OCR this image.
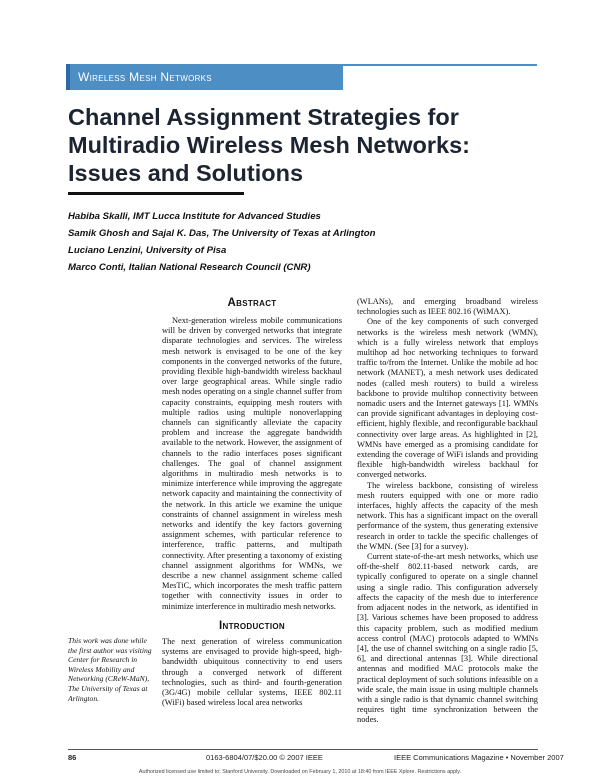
Wireless Mesh Networks
Channel Assignment Strategies for Multiradio Wireless Mesh Networks: Issues and Solutions
Habiba Skalli, IMT Lucca Institute for Advanced Studies
Samik Ghosh and Sajal K. Das, The University of Texas at Arlington
Luciano Lenzini, University of Pisa
Marco Conti, Italian National Research Council (CNR)
Abstract

Next-generation wireless mobile communications will be driven by converged networks that integrate disparate technologies and services. The wireless mesh network is envisaged to be one of the key components in the converged networks of the future, providing flexible high-bandwidth wireless backhaul over large geographical areas. While single radio mesh nodes operating on a single channel suffer from capacity constraints, equipping mesh routers with multiple radios using multiple nonoverlapping channels can significantly alleviate the capacity problem and increase the aggregate bandwidth available to the network. However, the assignment of channels to the radio interfaces poses significant challenges. The goal of channel assignment algorithms in multiradio mesh networks is to minimize interference while improving the aggregate network capacity and maintaining the connectivity of the network. In this article we examine the unique constraints of channel assignment in wireless mesh networks and identify the key factors governing assignment schemes, with particular reference to interference, traffic patterns, and multipath connectivity. After presenting a taxonomy of existing channel assignment algorithms for WMNs, we describe a new channel assignment scheme called MesTiC, which incorporates the mesh traffic pattern together with connectivity issues in order to minimize interference in multiradio mesh networks.

Introduction

The next generation of wireless communication systems are envisaged to provide high-speed, high-bandwidth ubiquitous connectivity to end users through a converged network of different technologies, such as third- and fourth-generation (3G/4G) mobile cellular systems, IEEE 802.11 (WiFi) based wireless local area networks

(WLANs), and emerging broadband wireless technologies such as IEEE 802.16 (WiMAX).

One of the key components of such converged networks is the wireless mesh network (WMN), which is a fully wireless network that employs multihop ad hoc networking techniques to forward traffic to/from the Internet. Unlike the mobile ad hoc network (MANET), a mesh network uses dedicated nodes (called mesh routers) to build a wireless backbone to provide multihop connectivity between nomadic users and the Internet gateways [1]. WMNs can provide significant advantages in deploying cost-efficient, highly flexible, and reconfigurable backhaul connectivity over large areas. As highlighted in [2], WMNs have emerged as a promising candidate for extending the coverage of WiFi islands and providing flexible high-bandwidth wireless backhaul for converged networks.

The wireless backbone, consisting of wireless mesh routers equipped with one or more radio interfaces, highly affects the capacity of the mesh network. This has a significant impact on the overall performance of the system, thus generating extensive research in order to tackle the specific challenges of the WMN. (See [3] for a survey).

Current state-of-the-art mesh networks, which use off-the-shelf 802.11-based network cards, are typically configured to operate on a single channel using a single radio. This configuration adversely affects the capacity of the mesh due to interference from adjacent nodes in the network, as identified in [3]. Various schemes have been proposed to address this capacity problem, such as modified medium access control (MAC) protocols adapted to WMNs [4], the use of channel switching on a single radio [5, 6], and directional antennas [3]. While directional antennas and modified MAC protocols make the practical deployment of such solutions infeasible on a wide scale, the main issue in using multiple channels with a single radio is that dynamic channel switching requires tight time synchronization between the nodes.

This work was done while the first author was visiting Center for Research in Wireless Mobility and Networking (CReW-MaN), The University of Texas at Arlington.
86	0163-6804/07/$20.00 © 2007 IEEE	IEEE Communications Magazine • November 2007
Authorized licensed use limited to: Stanford University. Downloaded on February 1, 2010 at 18:40 from IEEE Xplore. Restrictions apply.
